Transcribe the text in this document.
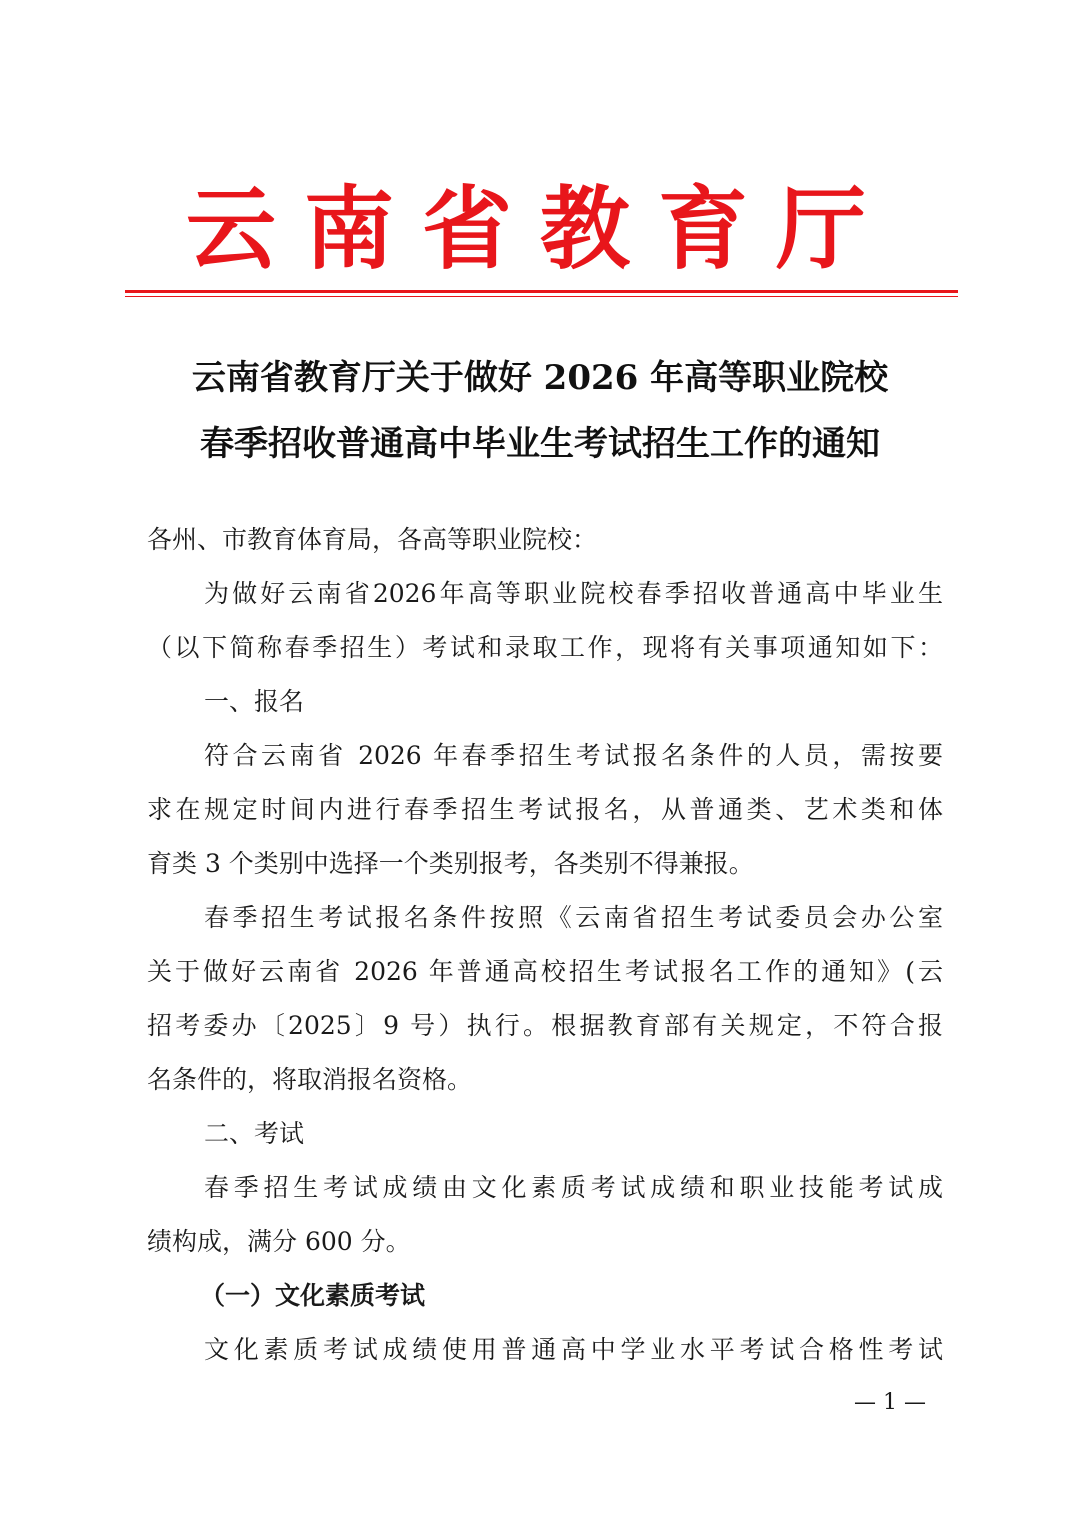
云南省教育厅
云南省教育厅关于做好 2026 年高等职业院校
春季招收普通高中毕业生考试招生工作的通知
各州、市教育体育局，各高等职业院校：
为做好云南省2026年高等职业院校春季招收普通高中毕业生
（以下简称春季招生）考试和录取工作，现将有关事项通知如下：
一、报名
符合云南省 2026 年春季招生考试报名条件的人员，需按要
求在规定时间内进行春季招生考试报名，从普通类、艺术类和体
育类 3 个类别中选择一个类别报考，各类别不得兼报。
春季招生考试报名条件按照《云南省招生考试委员会办公室
关于做好云南省 2026 年普通高校招生考试报名工作的通知》(云
招考委办〔2025〕9 号）执行。根据教育部有关规定，不符合报
名条件的，将取消报名资格。
二、考试
春季招生考试成绩由文化素质考试成绩和职业技能考试成
绩构成，满分 600 分。
（一）文化素质考试
文化素质考试成绩使用普通高中学业水平考试合格性考试
— 1 —
